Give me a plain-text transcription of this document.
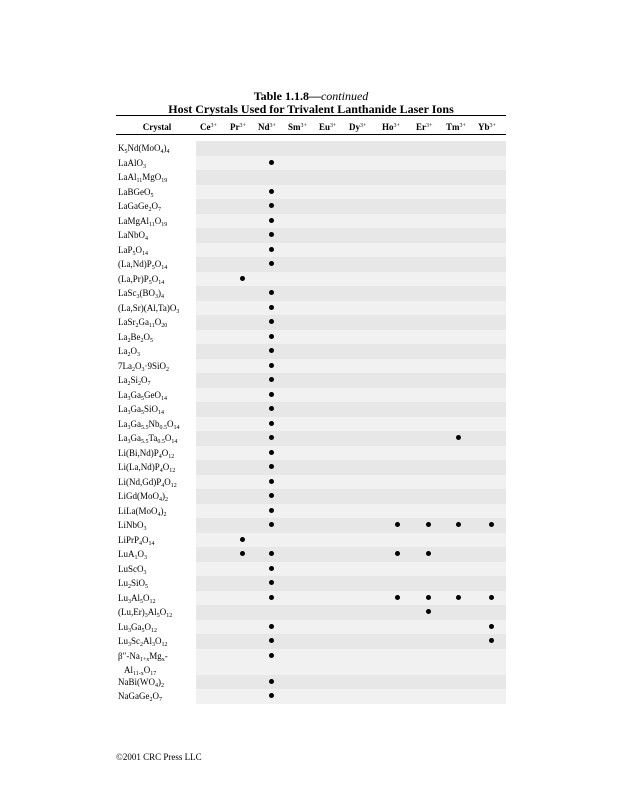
Table 1.1.8—continued
Host Crystals Used for Trivalent Lanthanide Laser Ions
Crystal	$Ce^{3+}$ $Pr^{3+}$ $Nd^{3+}$ $Sm^{3+}$ $Eu^{3+}$ $Dy^{3+}$ $Ho^{3+}$ $Er^{3+}$ $Tm^{3+}$ $Yb^{3+}$
$K_5Nd(MoO_4)_4$
LaAlO$_3$
LaAl$_{11}$MgO$_{19}$
LaBGeO$_5$
$LaGaGe_2O_7$
$LaMgAl_{11}O_{19}$
LaNbO$_4$
$LaP_5O_{14}$
$(La,Nd)P_5O_{14}$
$(La,Pr)P_5O_{14}$
$LaSc_3(BO_3)_4$
$(La,Sr)(Al,Ta)O_3$
$LaSr_2Ga_{11}O_{20}$
$La_2Be_2O_5$
$La_2O_3$
$7La_2O_3\cdot 9SiO_2$
$La_2Si_2O_7$
$La_3Ga_5GeO_{14}$
$La_3Ga_5SiO_{14}$
$La_3Ga_{5.5}Nb_{0.5}O_{14}$
$La_3Ga_{5.5}Ta_{0.5}O_{14}$
$Li(Bi,Nd)P_4O_{12}$
$Li(La,Nd)P_4O_{12}$
$Li(Nd,Gd)P_4O_{12}$
$LiGd(MoO_4)_2$
$LiLa(MoO_4)_2$
LiNbO$_3$
$LiPrP_4O_{14}$
$LuA_1O_3$
LuScO$_3$
$Lu_2SiO_5$
$Lu_3Al_5O_{12}$
$(Lu,Er)_3Al_5O_{12}$
$Lu_3Ga_5O_{12}$
$Lu_3Sc_2Al_3O_{12}$
$\beta''-Na_{1+x}Mg_x-$
$Al_{11-x}O_{17}$
$NaBi(WO_4)_2$
$NaGaGe_2O_7$
©2001 CRC Press LLC
